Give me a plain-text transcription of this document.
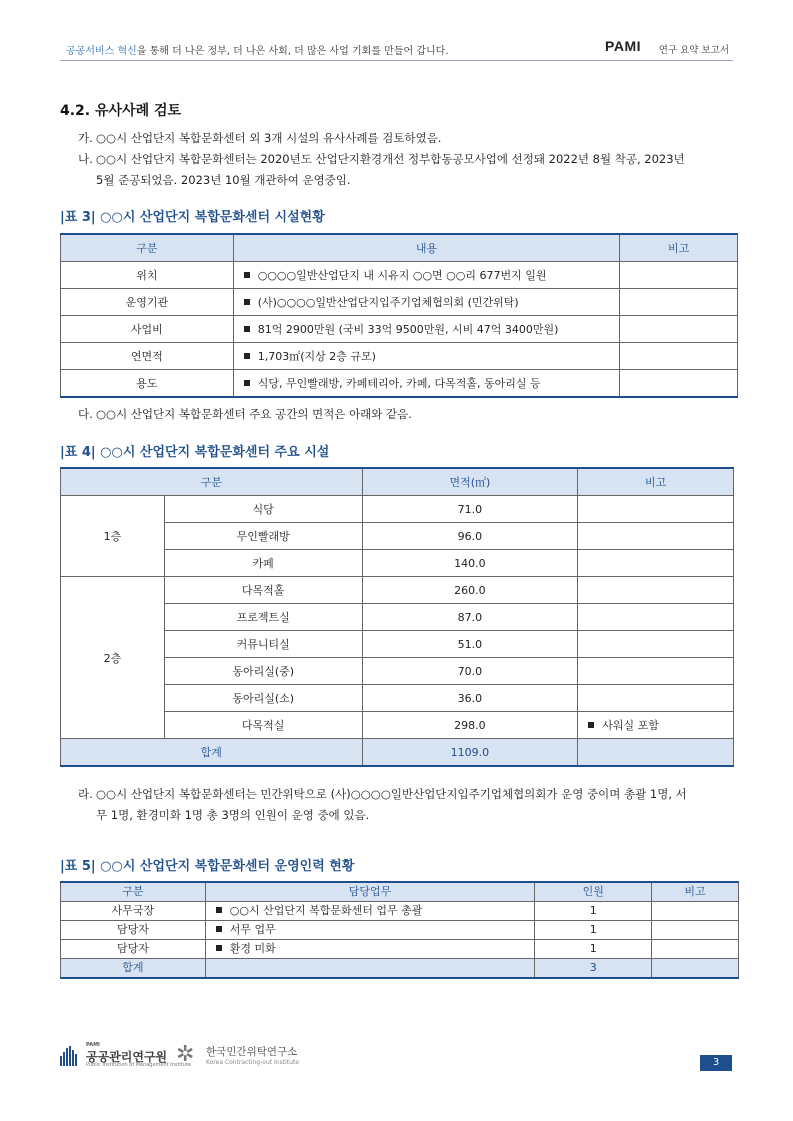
공공서비스 혁신을 통해 더 나은 정부, 더 나은 사회, 더 많은 사업 기회를 만들어 갑니다.	PAMI 연구 요약 보고서
4.2. 유사사례 검토
가. ○○시 산업단지 복합문화센터 외 3개 시설의 유사사례를 검토하였음.
나. ○○시 산업단지 복합문화센터는 2020년도 산업단지환경개선 정부합동공모사업에 선정돼 2022년 8월 착공, 2023년
5월 준공되었음. 2023년 10월 개관하여 운영중임.
|표 3| ○○시 산업단지 복합문화센터 시설현황
구분	내용	비고
위치	○○○○일반산업단지 내 시유지 ○○면 ○○리 677번지 일원	
운영기관	(사)○○○○일반산업단지입주기업체협의회 (민간위탁)	
사업비	81억 2900만원 (국비 33억 9500만원, 시비 47억 3400만원)	
연면적	1,703㎡(지상 2층 규모)	
용도	식당, 무인빨래방, 카페테리아, 카페, 다목적홀, 동아리실 등	
다. ○○시 산업단지 복합문화센터 주요 공간의 면적은 아래와 같음.
|표 4| ○○시 산업단지 복합문화센터 주요 시설
구분		면적(㎡)	비고
1층	식당	71.0	
	무인빨래방	96.0	
	카페	140.0	
2층	다목적홀	260.0	
	프로젝트실	87.0	
	커뮤니티실	51.0	
	동아리실(중)	70.0	
	동아리실(소)	36.0	
	다목적실	298.0	사워실 포함
합계		1109.0	
라. ○○시 산업단지 복합문화센터는 민간위탁으로 (사)○○○○일반산업단지입주기업체협의회가 운영 중이며 총괄 1명, 서
무 1명, 환경미화 1명 총 3명의 인원이 운영 중에 있음.
|표 5| ○○시 산업단지 복합문화센터 운영인력 현황
구분	담당업무	인원	비고
사무국장	○○시 산업단지 복합문화센터 업무 총괄	1	
담당자	서무 업무	1	
담당자	환경 미화	1	
합계		3	
PAMI
공공관리연구원
Public Institution of Management Institute
✲ 한국민간위탁연구소
Korea Contracting-out Institute	3
